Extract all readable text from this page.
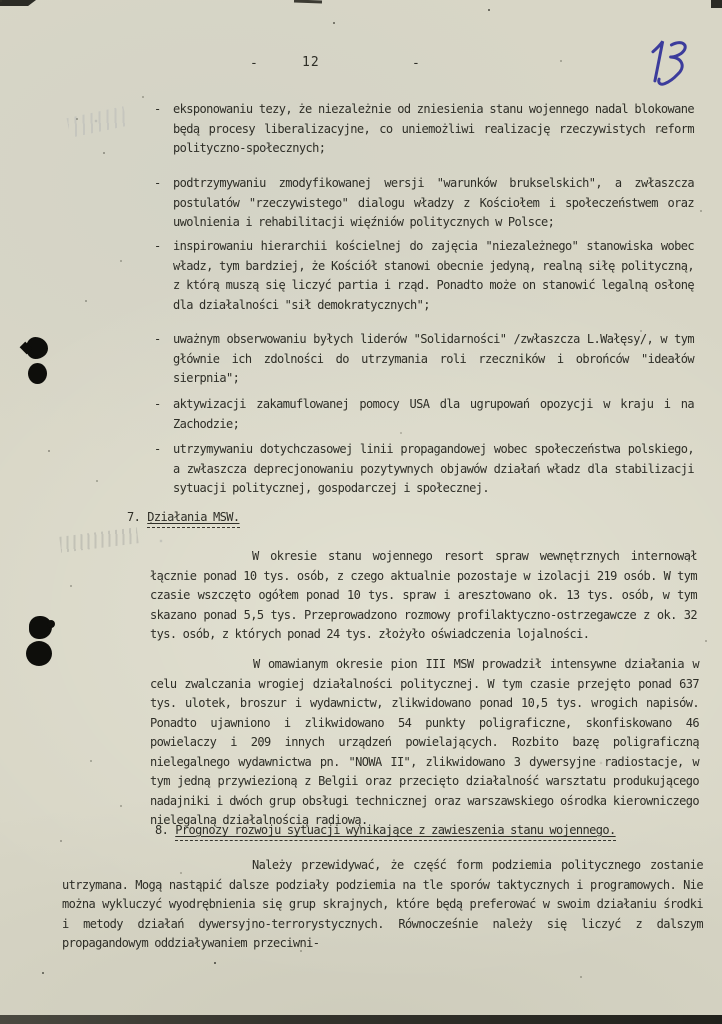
-	12	-
-	eksponowaniu tezy, że niezależnie od zniesienia stanu wojennego nadal blokowane będą procesy liberalizacyjne, co uniemożliwi realizację rzeczywistych reform polityczno-społecznych;
-	podtrzymywaniu zmodyfikowanej wersji "warunków brukselskich", a zwłaszcza postulatów "rzeczywistego" dialogu władzy z Kościołem i społeczeństwem oraz uwolnienia i rehabilitacji więźniów politycznych w Polsce;
-	inspirowaniu hierarchii kościelnej do zajęcia "niezależnego" stanowiska wobec władz, tym bardziej, że Kościół stanowi obecnie jedyną, realną siłę polityczną, z którą muszą się liczyć partia i rząd. Ponadto może on stanowić legalną osłonę dla działalności "sił demokratycznych";
-	uważnym obserwowaniu byłych liderów "Solidarności" /zwłaszcza L.Wałęsy/, w tym głównie ich zdolności do utrzymania roli rzeczników i obrońców "ideałów sierpnia";
-	aktywizacji zakamuflowanej pomocy USA dla ugrupowań opozycji w kraju i na Zachodzie;
-	utrzymywaniu dotychczasowej linii propagandowej wobec społeczeństwa polskiego, a zwłaszcza deprecjonowaniu pozytywnych objawów działań władz dla stabilizacji sytuacji politycznej, gospodarczej i społecznej.
7. Działania MSW.
W okresie stanu wojennego resort spraw wewnętrznych internował łącznie ponad 10 tys. osób, z czego aktualnie pozostaje w izolacji 219 osób. W tym czasie wszczęto ogółem ponad 10 tys. spraw i aresztowano ok. 13 tys. osób, w tym skazano ponad 5,5 tys. Przeprowadzono rozmowy profilaktyczno-ostrzegawcze z ok. 32 tys. osób, z których ponad 24 tys. złożyło oświadczenia lojalności.
W omawianym okresie pion III MSW prowadził intensywne działania w celu zwalczania wrogiej działalności politycznej. W tym czasie przejęto ponad 637 tys. ulotek, broszur i wydawnictw, zlikwidowano ponad 10,5 tys. wrogich napisów. Ponadto ujawniono i zlikwidowano 54 punkty poligraficzne, skonfiskowano 46 powielaczy i 209 innych urządzeń powielających. Rozbito bazę poligraficzną nielegalnego wydawnictwa pn. "NOWA II", zlikwidowano 3 dywersyjne radiostacje, w tym jedną przywiezioną z Belgii oraz przecięto działalność warsztatu produkującego nadajniki i dwóch grup obsługi technicznej oraz warszawskiego ośrodka kierowniczego nielegalną działalnością radiową.
8. Prognozy rozwoju sytuacji wynikające z zawieszenia stanu wojennego.
Należy przewidywać, że część form podziemia politycznego zostanie utrzymana. Mogą nastąpić dalsze podziały podziemia na tle sporów taktycznych i programowych. Nie można wykluczyć wyodrębnienia się grup skrajnych, które będą preferować w swoim działaniu środki i metody działań dywersyjno-terrorystycznych. Równocześnie należy się liczyć z dalszym propagandowym oddziaływaniem przeciwni-
